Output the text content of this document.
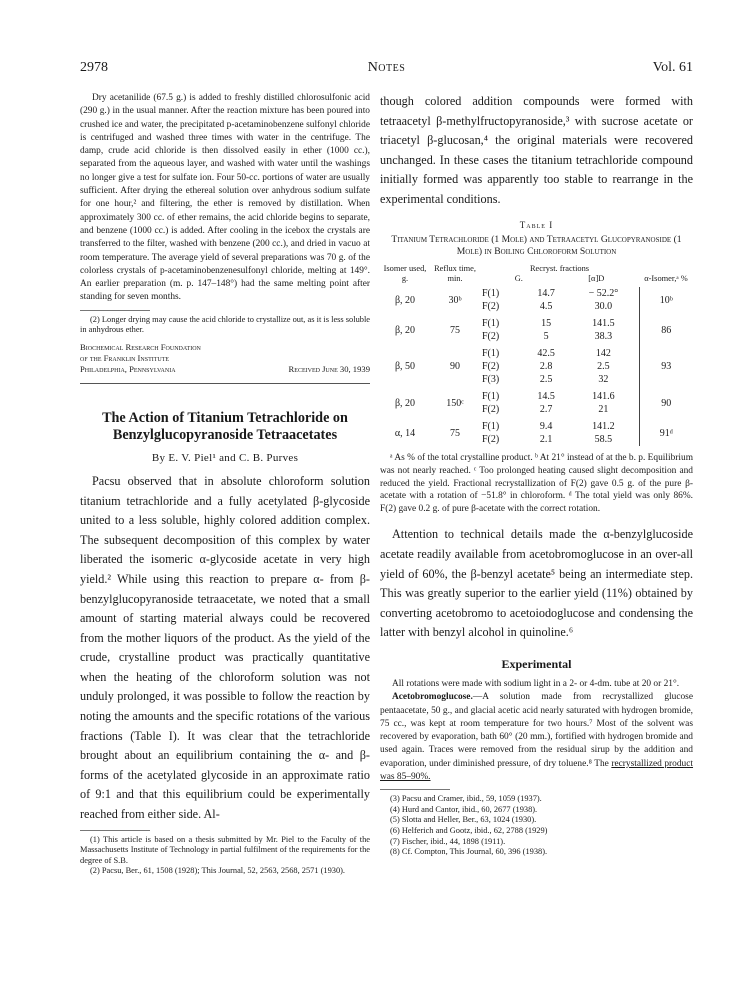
2978	Notes	Vol. 61

Dry acetanilide (67.5 g.) is added to freshly distilled chlorosulfonic acid (290 g.) in the usual manner. After the reaction mixture has been poured into crushed ice and water, the precipitated p-acetaminobenzene sulfonyl chloride is centrifuged and washed three times with water in the centrifuge. The damp, crude acid chloride is then dissolved easily in ether (1000 cc.), separated from the aqueous layer, and washed with water until the washings no longer give a test for sulfate ion. Four 50-cc. portions of water are usually sufficient. After drying the ethereal solution over anhydrous sodium sulfate for one hour,² and filtering, the ether is removed by distillation. When approximately 300 cc. of ether remains, the acid chloride begins to separate, and benzene (1000 cc.) is added. After cooling in the icebox the crystals are transferred to the filter, washed with benzene (200 cc.), and dried in vacuo at room temperature. The average yield of several preparations was 70 g. of the colorless crystals of p-acetaminobenzenesulfonyl chloride, melting at 149°. An earlier preparation (m. p. 147–148°) had the same melting point after standing for seven months.

(2) Longer drying may cause the acid chloride to crystallize out, as it is less soluble in anhydrous ether.

Biochemical Research Foundation
of the Franklin Institute
Philadelphia, Pennsylvania	Received June 30, 1939
The Action of Titanium Tetrachloride on Benzylglucopyranoside Tetraacetates
By E. V. Piel¹ and C. B. Purves

Pacsu observed that in absolute chloroform solution titanium tetrachloride and a fully acetylated β-glycoside united to a less soluble, highly colored addition complex. The subsequent decomposition of this complex by water liberated the isomeric α-glycoside acetate in very high yield.² While using this reaction to prepare α- from β-benzylglucopyranoside tetraacetate, we noted that a small amount of starting material always could be recovered from the mother liquors of the product. As the yield of the crude, crystalline product was practically quantitative when the heating of the chloroform solution was not unduly prolonged, it was possible to follow the reaction by noting the amounts and the specific rotations of the various fractions (Table I). It was clear that the tetrachloride brought about an equilibrium containing the α- and β-forms of the acetylated glycoside in an approximate ratio of 9:1 and that this equilibrium could be experimentally reached from either side. Al-

(1) This article is based on a thesis submitted by Mr. Piel to the Faculty of the Massachusetts Institute of Technology in partial fulfilment of the requirements for the degree of S.B.

(2) Pacsu, Ber., 61, 1508 (1928); This Journal, 52, 2563, 2568, 2571 (1930).

though colored addition compounds were formed with tetraacetyl β-methylfructopyranoside,³ with sucrose acetate or triacetyl β-glucosan,⁴ the original materials were recovered unchanged. In these cases the titanium tetrachloride compound initially formed was apparently too stable to rearrange in the experimental conditions.

Table I
Titanium Tetrachloride (1 Mole) and Tetraacetyl Glucopyranoside (1 Mole) in Boiling Chloroform Solution
Isomer used, g.	Reflux time, min.	Recryst. fractions
G. [α]D			α-Isomer,ᵃ %
β, 20	30ᵇ	F(1)	14.7	− 52.2°	10ᵇ
		F(2)	4.5	30.0	
β, 20	75	F(1)	15	141.5	86
		F(2)	5	38.3	
β, 50	90	F(1)	42.5	142	93
		F(2)	2.8	2.5	
		F(3)	2.5	32	
β, 20	150ᶜ	F(1)	14.5	141.6	90
		F(2)	2.7	21	
α, 14	75	F(1)	9.4	141.2	91ᵈ
		F(2)	2.1	58.5	

ᵃ As % of the total crystalline product. ᵇ At 21° instead of at the b. p. Equilibrium was not nearly reached. ᶜ Too prolonged heating caused slight decomposition and reduced the yield. Fractional recrystallization of F(2) gave 0.5 g. of the pure β-acetate with a rotation of −51.8° in chloroform. ᵈ The total yield was only 86%. F(2) gave 0.2 g. of pure β-acetate with the correct rotation.

Attention to technical details made the α-benzylglucoside acetate readily available from acetobromoglucose in an over-all yield of 60%, the β-benzyl acetate⁵ being an intermediate step. This was greatly superior to the earlier yield (11%) obtained by converting acetobromo to acetoiodoglucose and condensing the latter with benzyl alcohol in quinoline.⁶

Experimental

All rotations were made with sodium light in a 2- or 4-dm. tube at 20 or 21°.

Acetobromoglucose.—A solution made from recrystallized glucose pentaacetate, 50 g., and glacial acetic acid nearly saturated with hydrogen bromide, 75 cc., was kept at room temperature for two hours.⁷ Most of the solvent was recovered by evaporation, bath 60° (20 mm.), fortified with hydrogen bromide and used again. Traces were removed from the residual sirup by the addition and evaporation, under diminished pressure, of dry toluene.⁸ The recrystallized product was 85–90%.

(3) Pacsu and Cramer, ibid., 59, 1059 (1937).

(4) Hurd and Cantor, ibid., 60, 2677 (1938).

(5) Slotta and Heller, Ber., 63, 1024 (1930).

(6) Helferich and Gootz, ibid., 62, 2788 (1929)

(7) Fischer, ibid., 44, 1898 (1911).

(8) Cf. Compton, This Journal, 60, 396 (1938).
